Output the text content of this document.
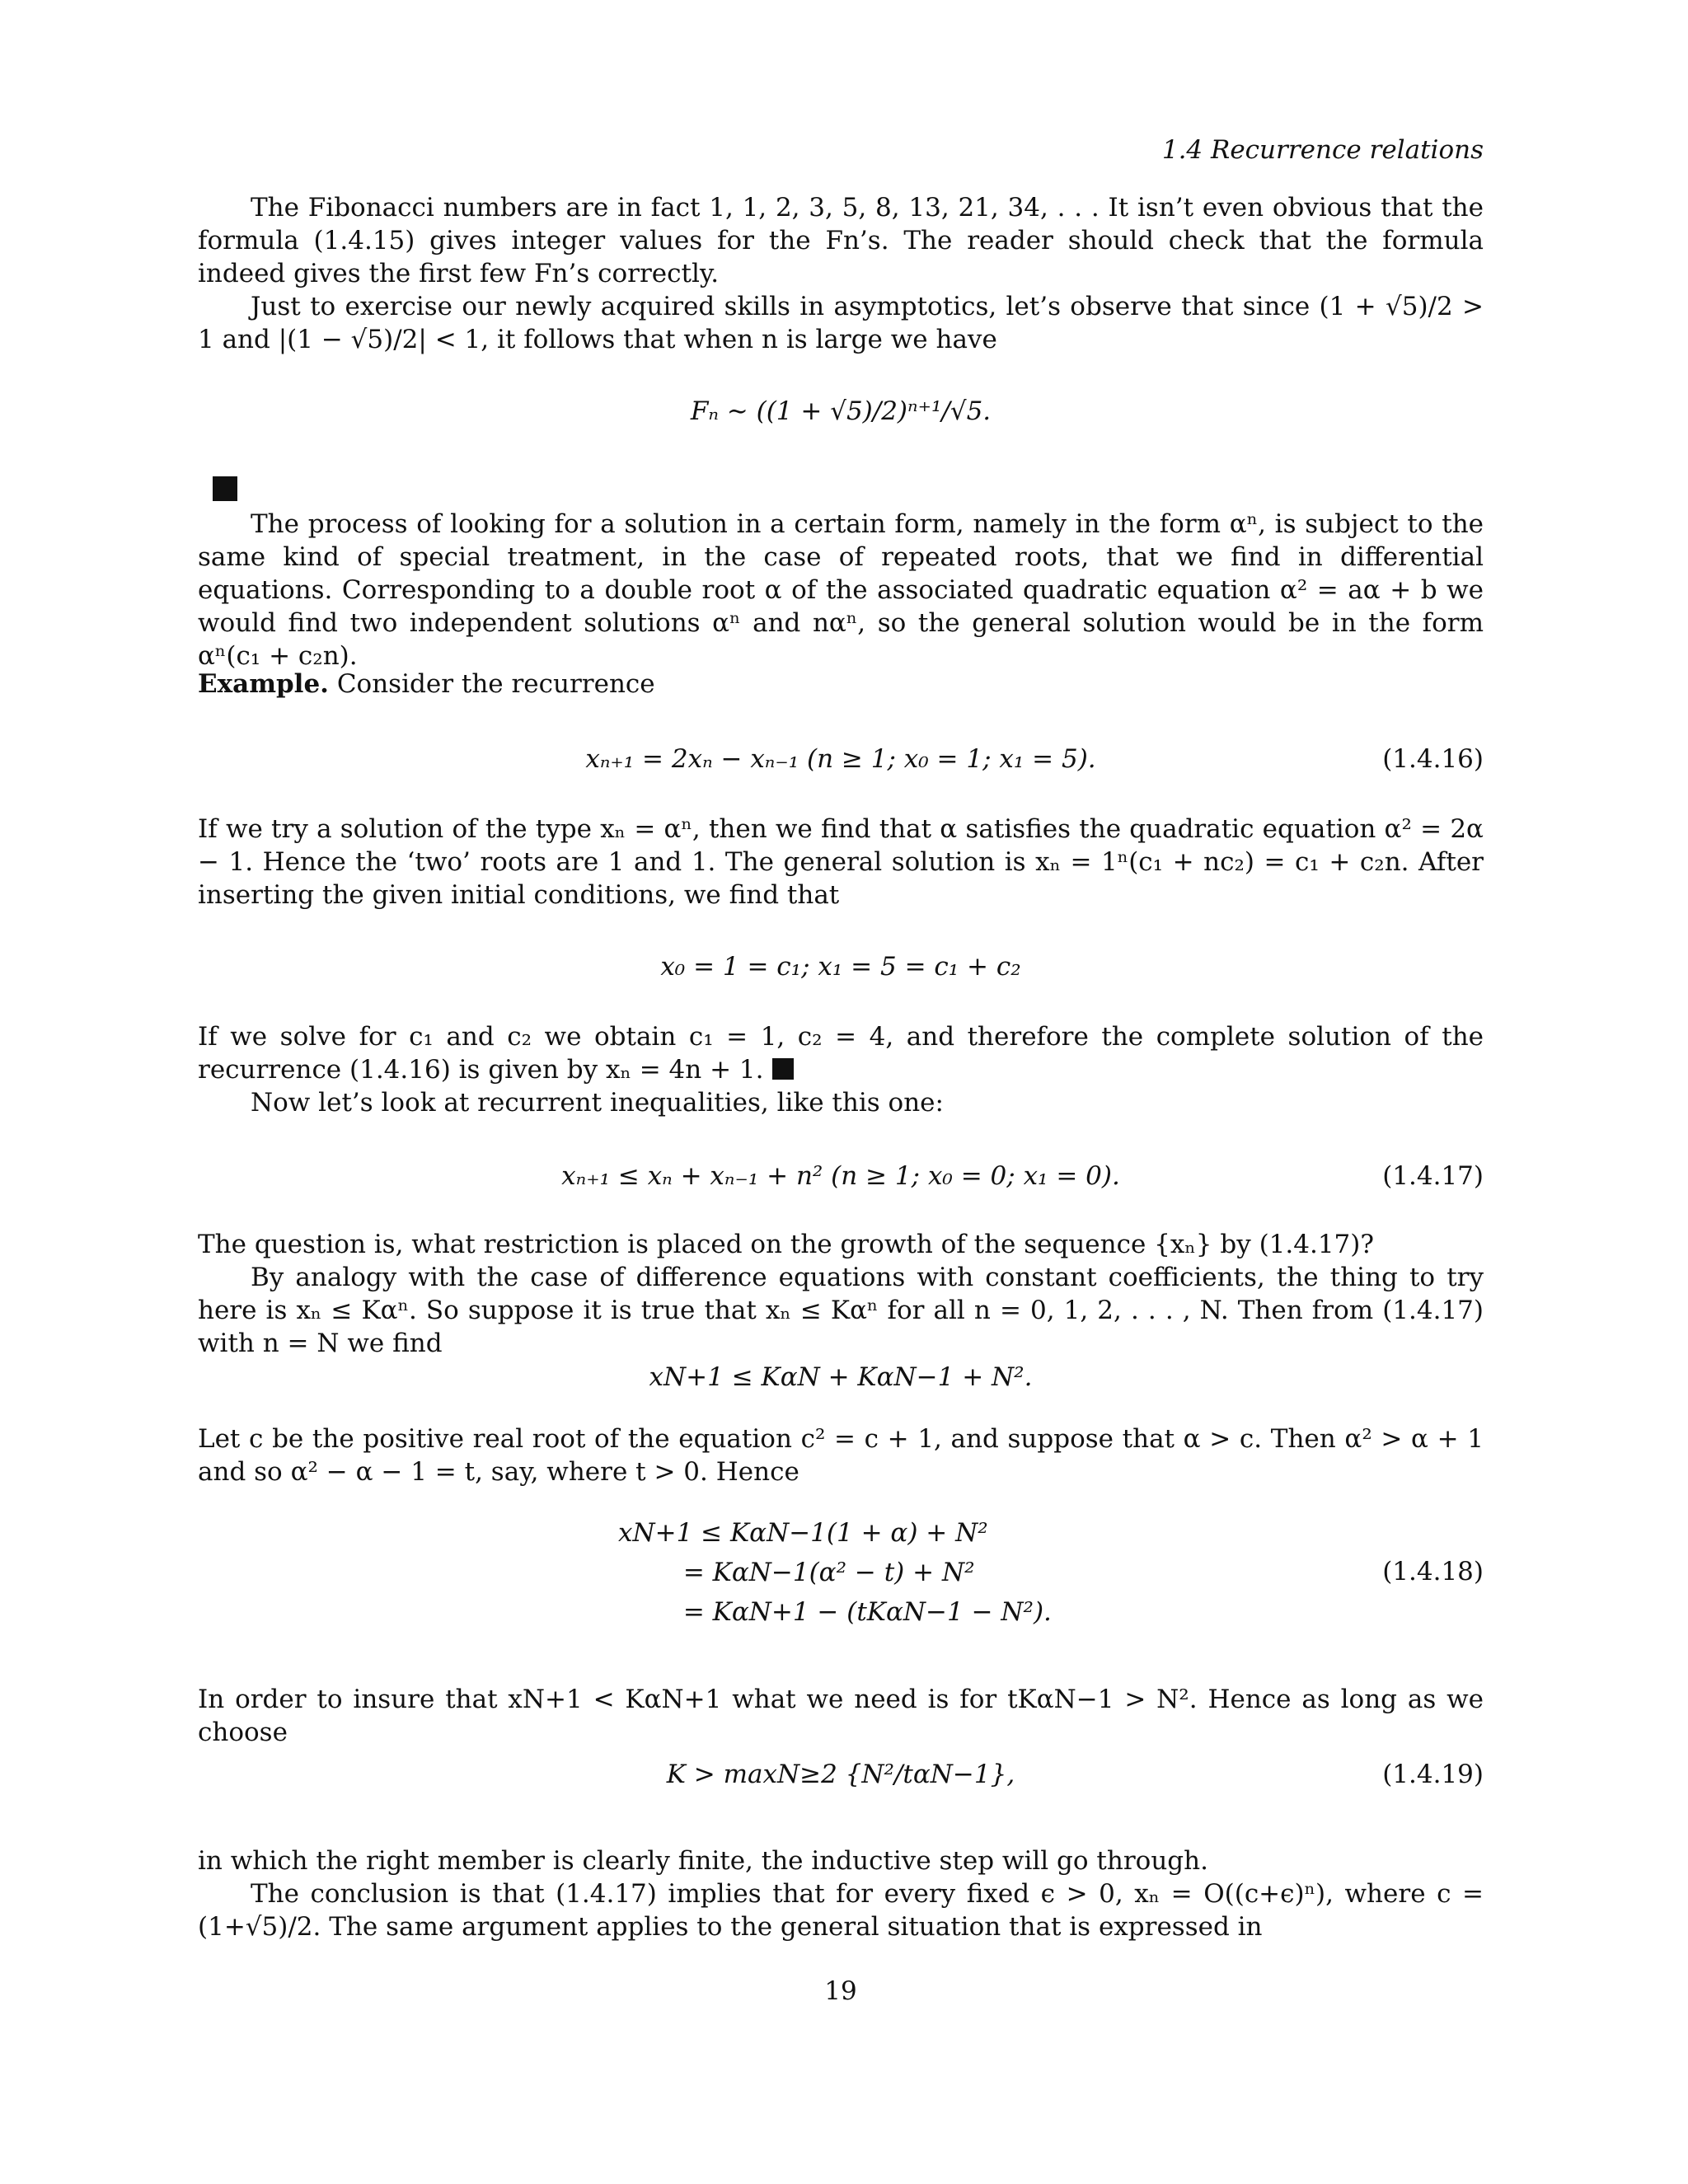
1.4 Recurrence relations
The Fibonacci numbers are in fact 1, 1, 2, 3, 5, 8, 13, 21, 34, . . . It isn’t even obvious that the formula (1.4.15) gives integer values for the Fn’s. The reader should check that the formula indeed gives the first few Fn’s correctly.
Just to exercise our newly acquired skills in asymptotics, let’s observe that since (1 + √5)/2 > 1 and |(1 − √5)/2| < 1, it follows that when n is large we have
Fₙ ∼ ((1 + √5)/2)ⁿ⁺¹/√5.
The process of looking for a solution in a certain form, namely in the form αⁿ, is subject to the same kind of special treatment, in the case of repeated roots, that we find in differential equations. Corresponding to a double root α of the associated quadratic equation α² = aα + b we would find two independent solutions αⁿ and nαⁿ, so the general solution would be in the form αⁿ(c₁ + c₂n).
Example. Consider the recurrence
xₙ₊₁ = 2xₙ − xₙ₋₁ (n ≥ 1; x₀ = 1; x₁ = 5).	(1.4.16)
If we try a solution of the type xₙ = αⁿ, then we find that α satisfies the quadratic equation α² = 2α − 1. Hence the ‘two’ roots are 1 and 1. The general solution is xₙ = 1ⁿ(c₁ + nc₂) = c₁ + c₂n. After inserting the given initial conditions, we find that
x₀ = 1 = c₁; x₁ = 5 = c₁ + c₂
If we solve for c₁ and c₂ we obtain c₁ = 1, c₂ = 4, and therefore the complete solution of the recurrence (1.4.16) is given by xₙ = 4n + 1.
Now let’s look at recurrent inequalities, like this one:
xₙ₊₁ ≤ xₙ + xₙ₋₁ + n² (n ≥ 1; x₀ = 0; x₁ = 0).	(1.4.17)
The question is, what restriction is placed on the growth of the sequence {xₙ} by (1.4.17)?
By analogy with the case of difference equations with constant coefficients, the thing to try here is xₙ ≤ Kαⁿ. So suppose it is true that xₙ ≤ Kαⁿ for all n = 0, 1, 2, . . . , N. Then from (1.4.17) with n = N we find
xN+1 ≤ KαN + KαN−1 + N².
Let c be the positive real root of the equation c² = c + 1, and suppose that α > c. Then α² > α + 1 and so α² − α − 1 = t, say, where t > 0. Hence
xN+1 ≤ KαN−1(1 + α) + N²
= KαN−1(α² − t) + N²
= KαN+1 − (tKαN−1 − N²).
(1.4.18)
In order to insure that xN+1 < KαN+1 what we need is for tKαN−1 > N². Hence as long as we choose
K > maxN≥2 {N²/tαN−1},	(1.4.19)
in which the right member is clearly finite, the inductive step will go through.
The conclusion is that (1.4.17) implies that for every fixed ϵ > 0, xₙ = O((c+ϵ)ⁿ), where c = (1+√5)/2. The same argument applies to the general situation that is expressed in
19
